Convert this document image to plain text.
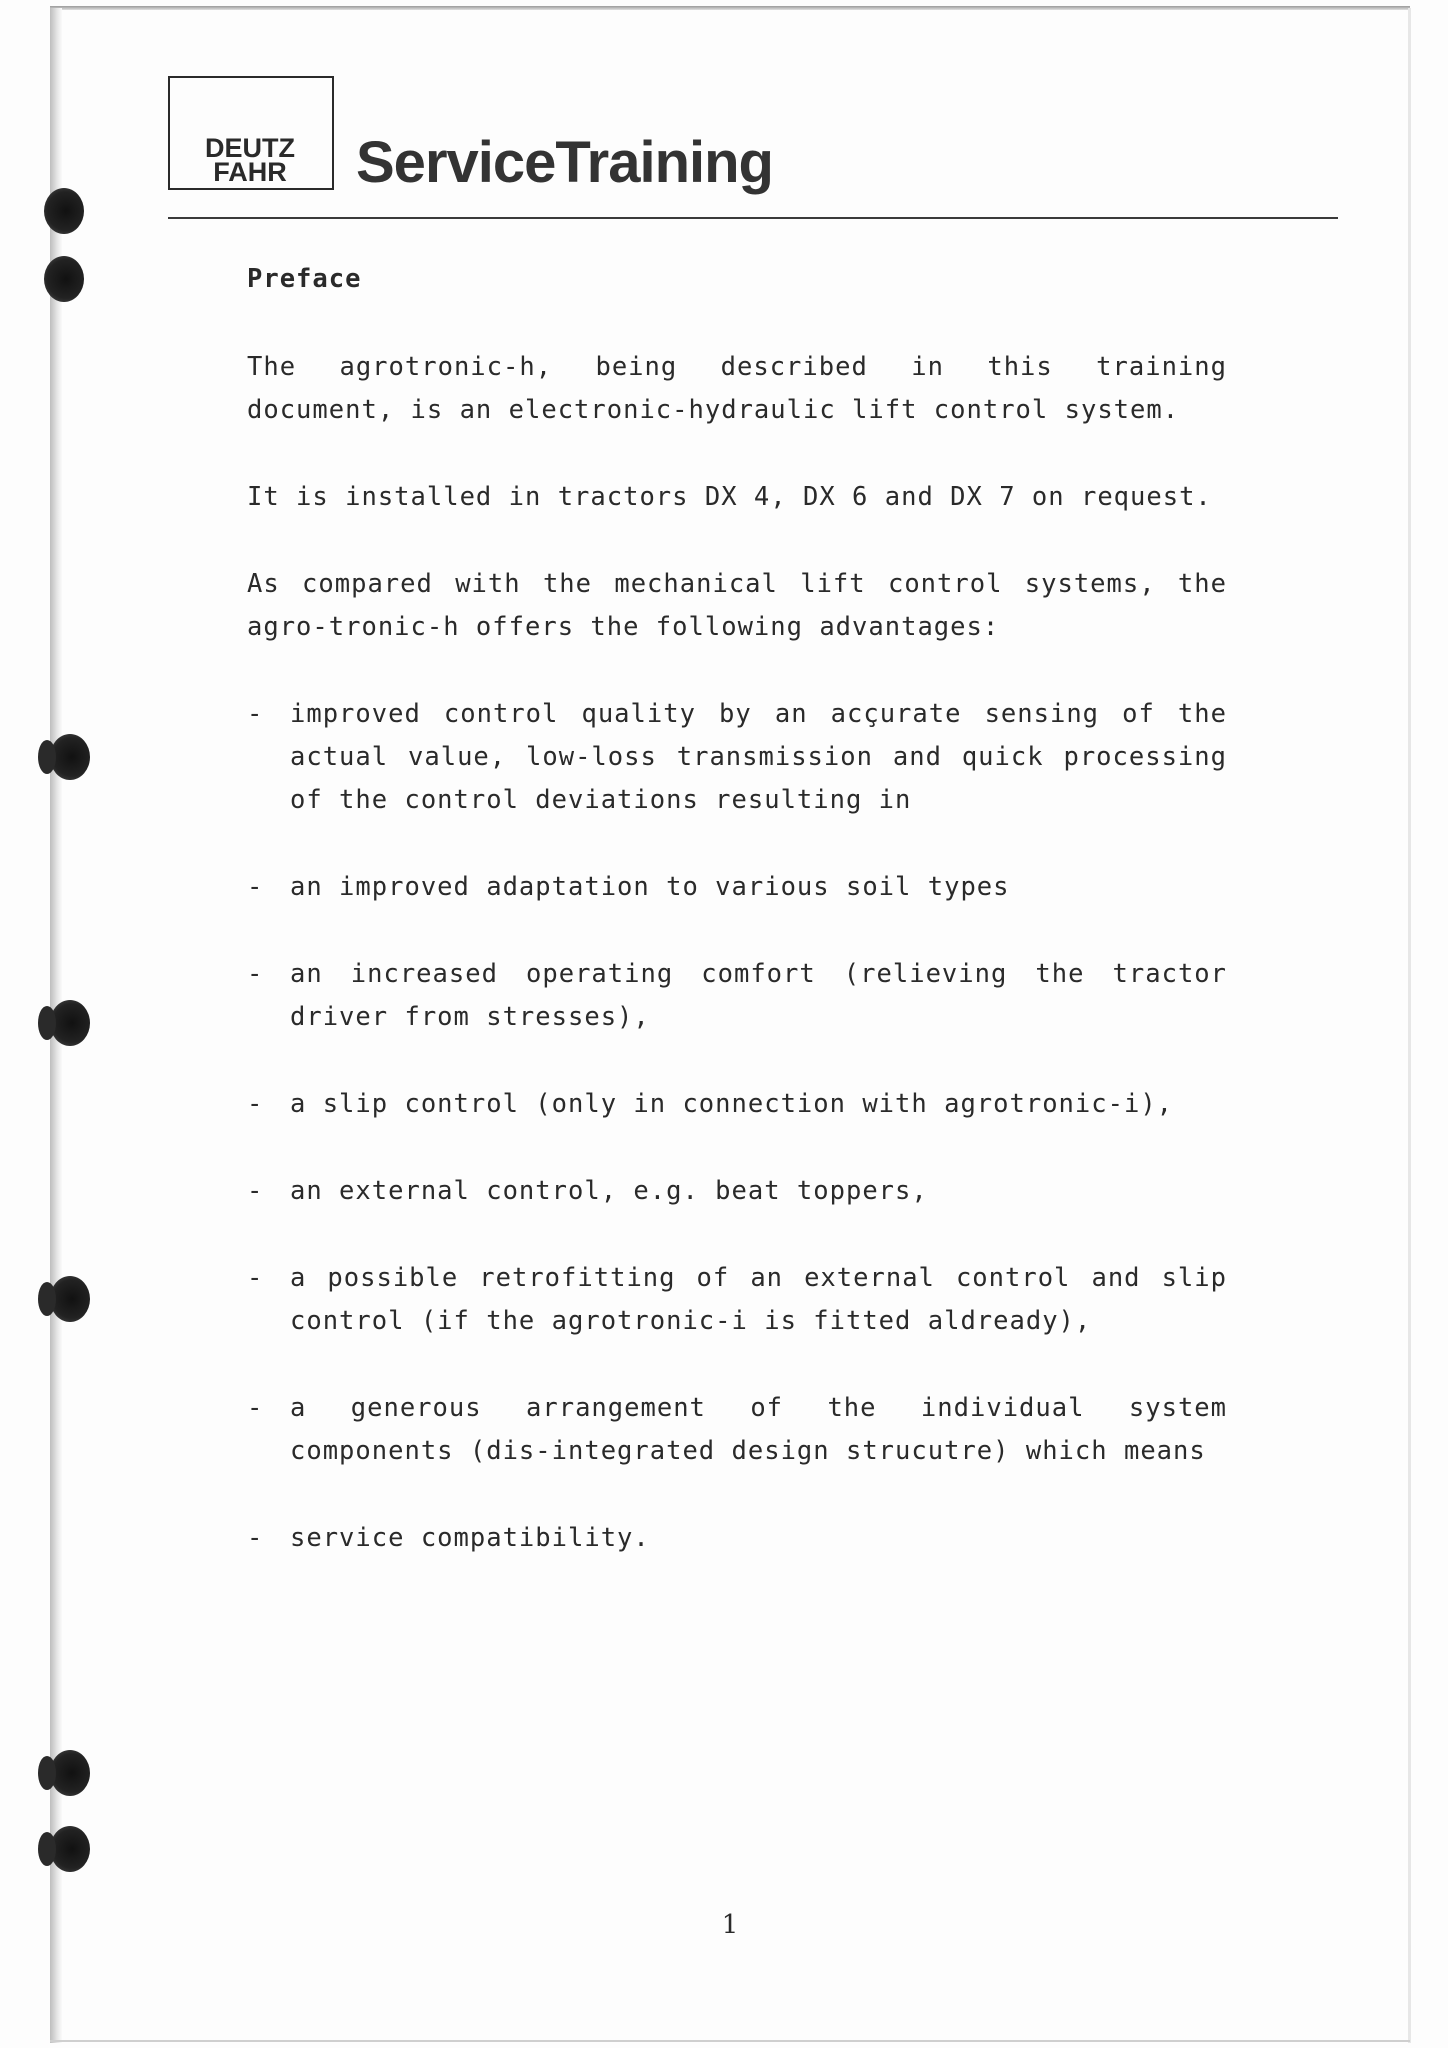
DEUTZ
FAHR	ServiceTraining
Preface

The agrotronic-h, being described in this training document, is an electronic-hydraulic lift control system.

It is installed in tractors DX 4, DX 6 and DX 7 on request.

As compared with the mechanical lift control systems, the agro-tronic-h offers the following advantages:

- improved control quality by an acçurate sensing of the actual value, low-loss transmission and quick processing of the control deviations resulting in
- an improved adaptation to various soil types
- an increased operating comfort (relieving the tractor driver from stresses),
- a slip control (only in connection with agrotronic-i),
- an external control, e.g. beat toppers,
- a possible retrofitting of an external control and slip control (if the agrotronic-i is fitted aldready),
- a generous arrangement of the individual system components (dis-integrated design strucutre) which means
- service compatibility.
1
